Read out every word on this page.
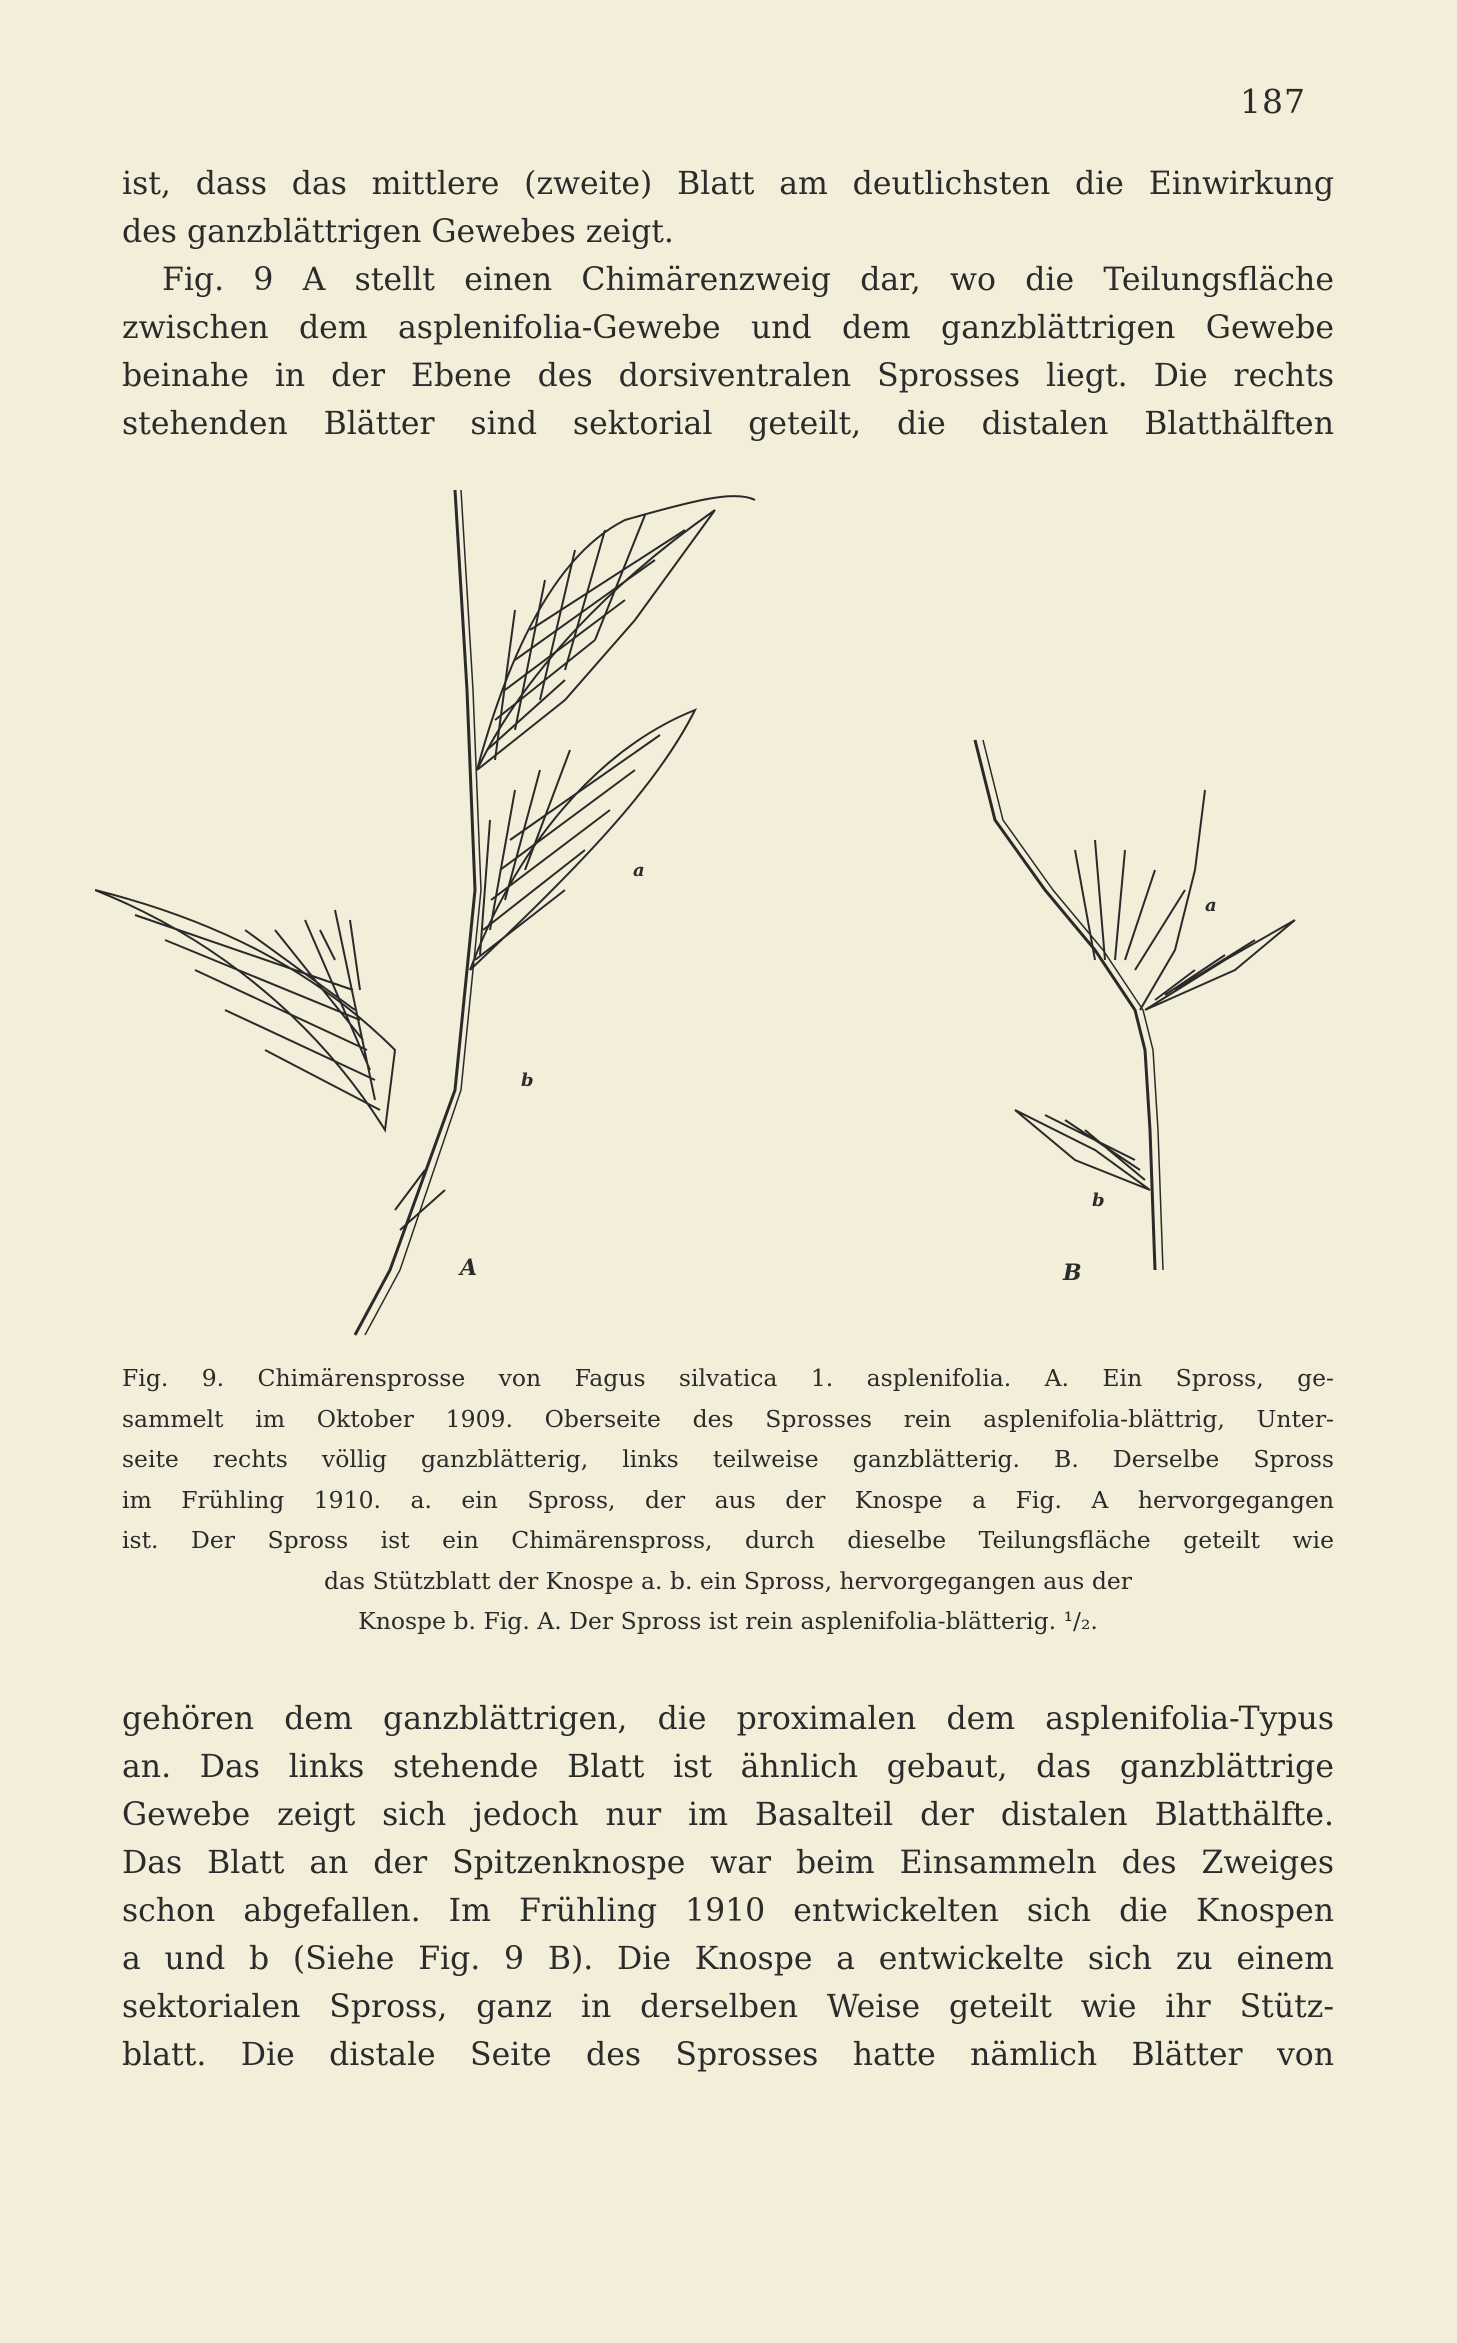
187
ist, dass das mittlere (zweite) Blatt am deutlichsten die Einwirkung
des ganzblättrigen Gewebes zeigt.
Fig. 9 A stellt einen Chimärenzweig dar, wo die Teilungsfläche
zwischen dem asplenifolia-Gewebe und dem ganzblättrigen Gewebe
beinahe in der Ebene des dorsiventralen Sprosses liegt. Die rechts
stehenden Blätter sind sektorial geteilt, die distalen Blatthälften
A	B
a
b
a
b
Fig. 9. Chimärensprosse von Fagus silvatica 1. asplenifolia. A. Ein Spross, ge-
sammelt im Oktober 1909. Oberseite des Sprosses rein asplenifolia-blättrig, Unter-
seite rechts völlig ganzblätterig, links teilweise ganzblätterig. B. Derselbe Spross
im Frühling 1910. a. ein Spross, der aus der Knospe a Fig. A hervorgegangen
ist. Der Spross ist ein Chimärenspross, durch dieselbe Teilungsfläche geteilt wie
das Stützblatt der Knospe a. b. ein Spross, hervorgegangen aus der
Knospe b. Fig. A. Der Spross ist rein asplenifolia-blätterig. ¹/₂.
gehören dem ganzblättrigen, die proximalen dem asplenifolia-Typus
an. Das links stehende Blatt ist ähnlich gebaut, das ganzblättrige
Gewebe zeigt sich jedoch nur im Basalteil der distalen Blatthälfte.
Das Blatt an der Spitzenknospe war beim Einsammeln des Zweiges
schon abgefallen. Im Frühling 1910 entwickelten sich die Knospen
a und b (Siehe Fig. 9 B). Die Knospe a entwickelte sich zu einem
sektorialen Spross, ganz in derselben Weise geteilt wie ihr Stütz-
blatt. Die distale Seite des Sprosses hatte nämlich Blätter von
